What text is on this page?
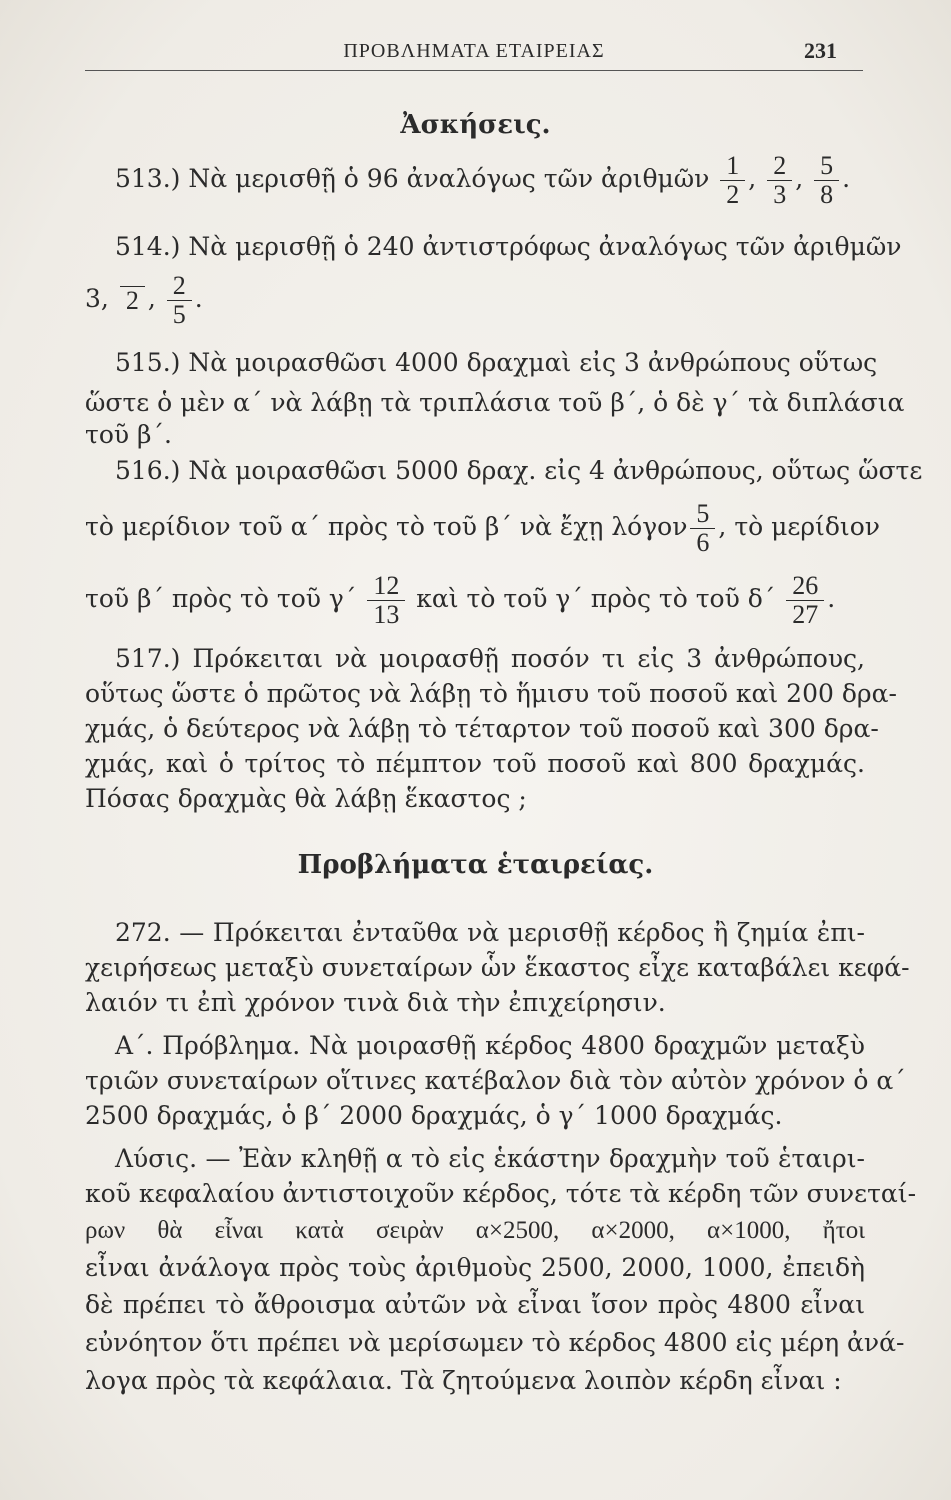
ΠΡΟΒΛΗΜΑΤΑ ΕΤΑΙΡΕΙΑΣ	231
Ἀσκήσεις.
513.) Νὰ μερισθῇ ὁ 96 ἀναλόγως τῶν ἀριθμῶν $\frac{1}{2}$ , $\frac{2}{3}$ , $\frac{5}{8}$ .
514.) Νὰ μερισθῇ ὁ 240 ἀντιστρόφως ἀναλόγως τῶν ἀριθμῶν
3, 2 , $\frac{2}{5}$ .
515.) Νὰ μοιρασθῶσι 4000 δραχμαὶ εἰς 3 ἀνθρώπους οὕτως
ὥστε ὁ μὲν α΄ νὰ λάβῃ τὰ τριπλάσια τοῦ β΄, ὁ δὲ γ΄ τὰ διπλάσια
τοῦ β΄.
516.) Νὰ μοιρασθῶσι 5000 δραχ. εἰς 4 ἀνθρώπους, οὕτως ὥστε
τὸ μερίδιον τοῦ α΄ πρὸς τὸ τοῦ β΄ νὰ ἔχῃ λόγον $\frac{5}{6}$ , τὸ μερίδιον
τοῦ β΄ πρὸς τὸ τοῦ $\gamma΄ \frac{12}{13}$ καὶ τὸ τοῦ γ΄ πρὸς τὸ τοῦ $\delta΄ \frac{26}{27}$ .
517.) Πρόκειται νὰ μοιρασθῇ ποσόν τι εἰς 3 ἀνθρώπους,
οὕτως ὥστε ὁ πρῶτος νὰ λάβῃ τὸ ἥμισυ τοῦ ποσοῦ καὶ 200 δρα-
χμάς, ὁ δεύτερος νὰ λάβῃ τὸ τέταρτον τοῦ ποσοῦ καὶ 300 δρα-
χμάς, καὶ ὁ τρίτος τὸ πέμπτον τοῦ ποσοῦ καὶ 800 δραχμάς.
Πόσας δραχμὰς θὰ λάβῃ ἕκαστος ;
Προβλήματα ἑταιρείας.
272. — Πρόκειται ἐνταῦθα νὰ μερισθῇ κέρδος ἢ ζημία ἐπι-
χειρήσεως μεταξὺ συνεταίρων ὧν ἕκαστος εἶχε καταβάλει κεφά-
λαιόν τι ἐπὶ χρόνον τινὰ διὰ τὴν ἐπιχείρησιν.
Α΄. Πρόβλημα. Νὰ μοιρασθῇ κέρδος 4800 δραχμῶν μεταξὺ
τριῶν συνεταίρων οἵτινες κατέβαλον διὰ τὸν αὐτὸν χρόνον ὁ α΄
2500 δραχμάς, ὁ β΄ 2000 δραχμάς, ὁ γ΄ 1000 δραχμάς.
Λύσις. — Ἐὰν κληθῇ α τὸ εἰς ἑκάστην δραχμὴν τοῦ ἑταιρι-
κοῦ κεφαλαίου ἀντιστοιχοῦν κέρδος, τότε τὰ κέρδη τῶν συνεταί-
ρων θὰ εἶναι κατὰ σειρὰν α×2500, α×2000, α×1000, ἤτοι
εἶναι ἀνάλογα πρὸς τοὺς ἀριθμοὺς 2500, 2000, 1000, ἐπειδὴ
δὲ πρέπει τὸ ἄθροισμα αὐτῶν νὰ εἶναι ἴσον πρὸς 4800 εἶναι
εὐνόητον ὅτι πρέπει νὰ μερίσωμεν τὸ κέρδος 4800 εἰς μέρη ἀνά-
λογα πρὸς τὰ κεφάλαια. Τὰ ζητούμενα λοιπὸν κέρδη εἶναι :
